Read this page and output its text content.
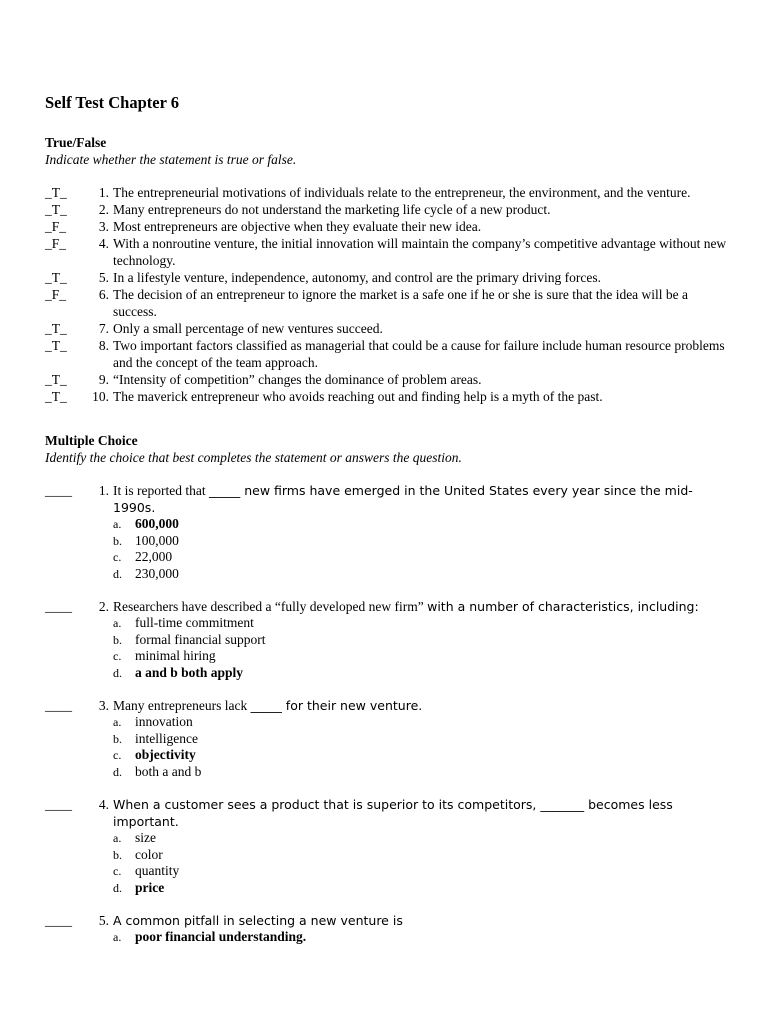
Self Test Chapter 6
True/False
Indicate whether the statement is true or false.
_T_	1. The entrepreneurial motivations of individuals relate to the entrepreneur, the environment, and the venture.
_T_	2. Many entrepreneurs do not understand the marketing life cycle of a new product.
_F_	3. Most entrepreneurs are objective when they evaluate their new idea.
_F_	4. With a nonroutine venture, the initial innovation will maintain the company’s competitive advantage without new technology.
_T_	5. In a lifestyle venture, independence, autonomy, and control are the primary driving forces.
_F_	6. The decision of an entrepreneur to ignore the market is a safe one if he or she is sure that the idea will be a success.
_T_	7. Only a small percentage of new ventures succeed.
_T_	8. Two important factors classified as managerial that could be a cause for failure include human resource problems and the concept of the team approach.
_T_	9. “Intensity of competition” changes the dominance of problem areas.
_T_	10. The maverick entrepreneur who avoids reaching out and finding help is a myth of the past.
Multiple Choice
Identify the choice that best completes the statement or answers the question.
____	1. It is reported that _____ new firms have emerged in the United States every year since the mid-1990s.
a.	600,000
b. 100,000
c.	22,000
d. 230,000
____	2. Researchers have described a “fully developed new firm” with a number of characteristics, including:
a.	full-time commitment
b. formal financial support
c.	minimal hiring
d. a and b both apply
____	3. Many entrepreneurs lack _____ for their new venture.
a.	innovation
b. intelligence
c.	objectivity
d. both a and b
____	4. When a customer sees a product that is superior to its competitors, _______ becomes less important.
a.	size
b. color
c.	quantity
d. price
____	5. A common pitfall in selecting a new venture is
a.	poor financial understanding.
